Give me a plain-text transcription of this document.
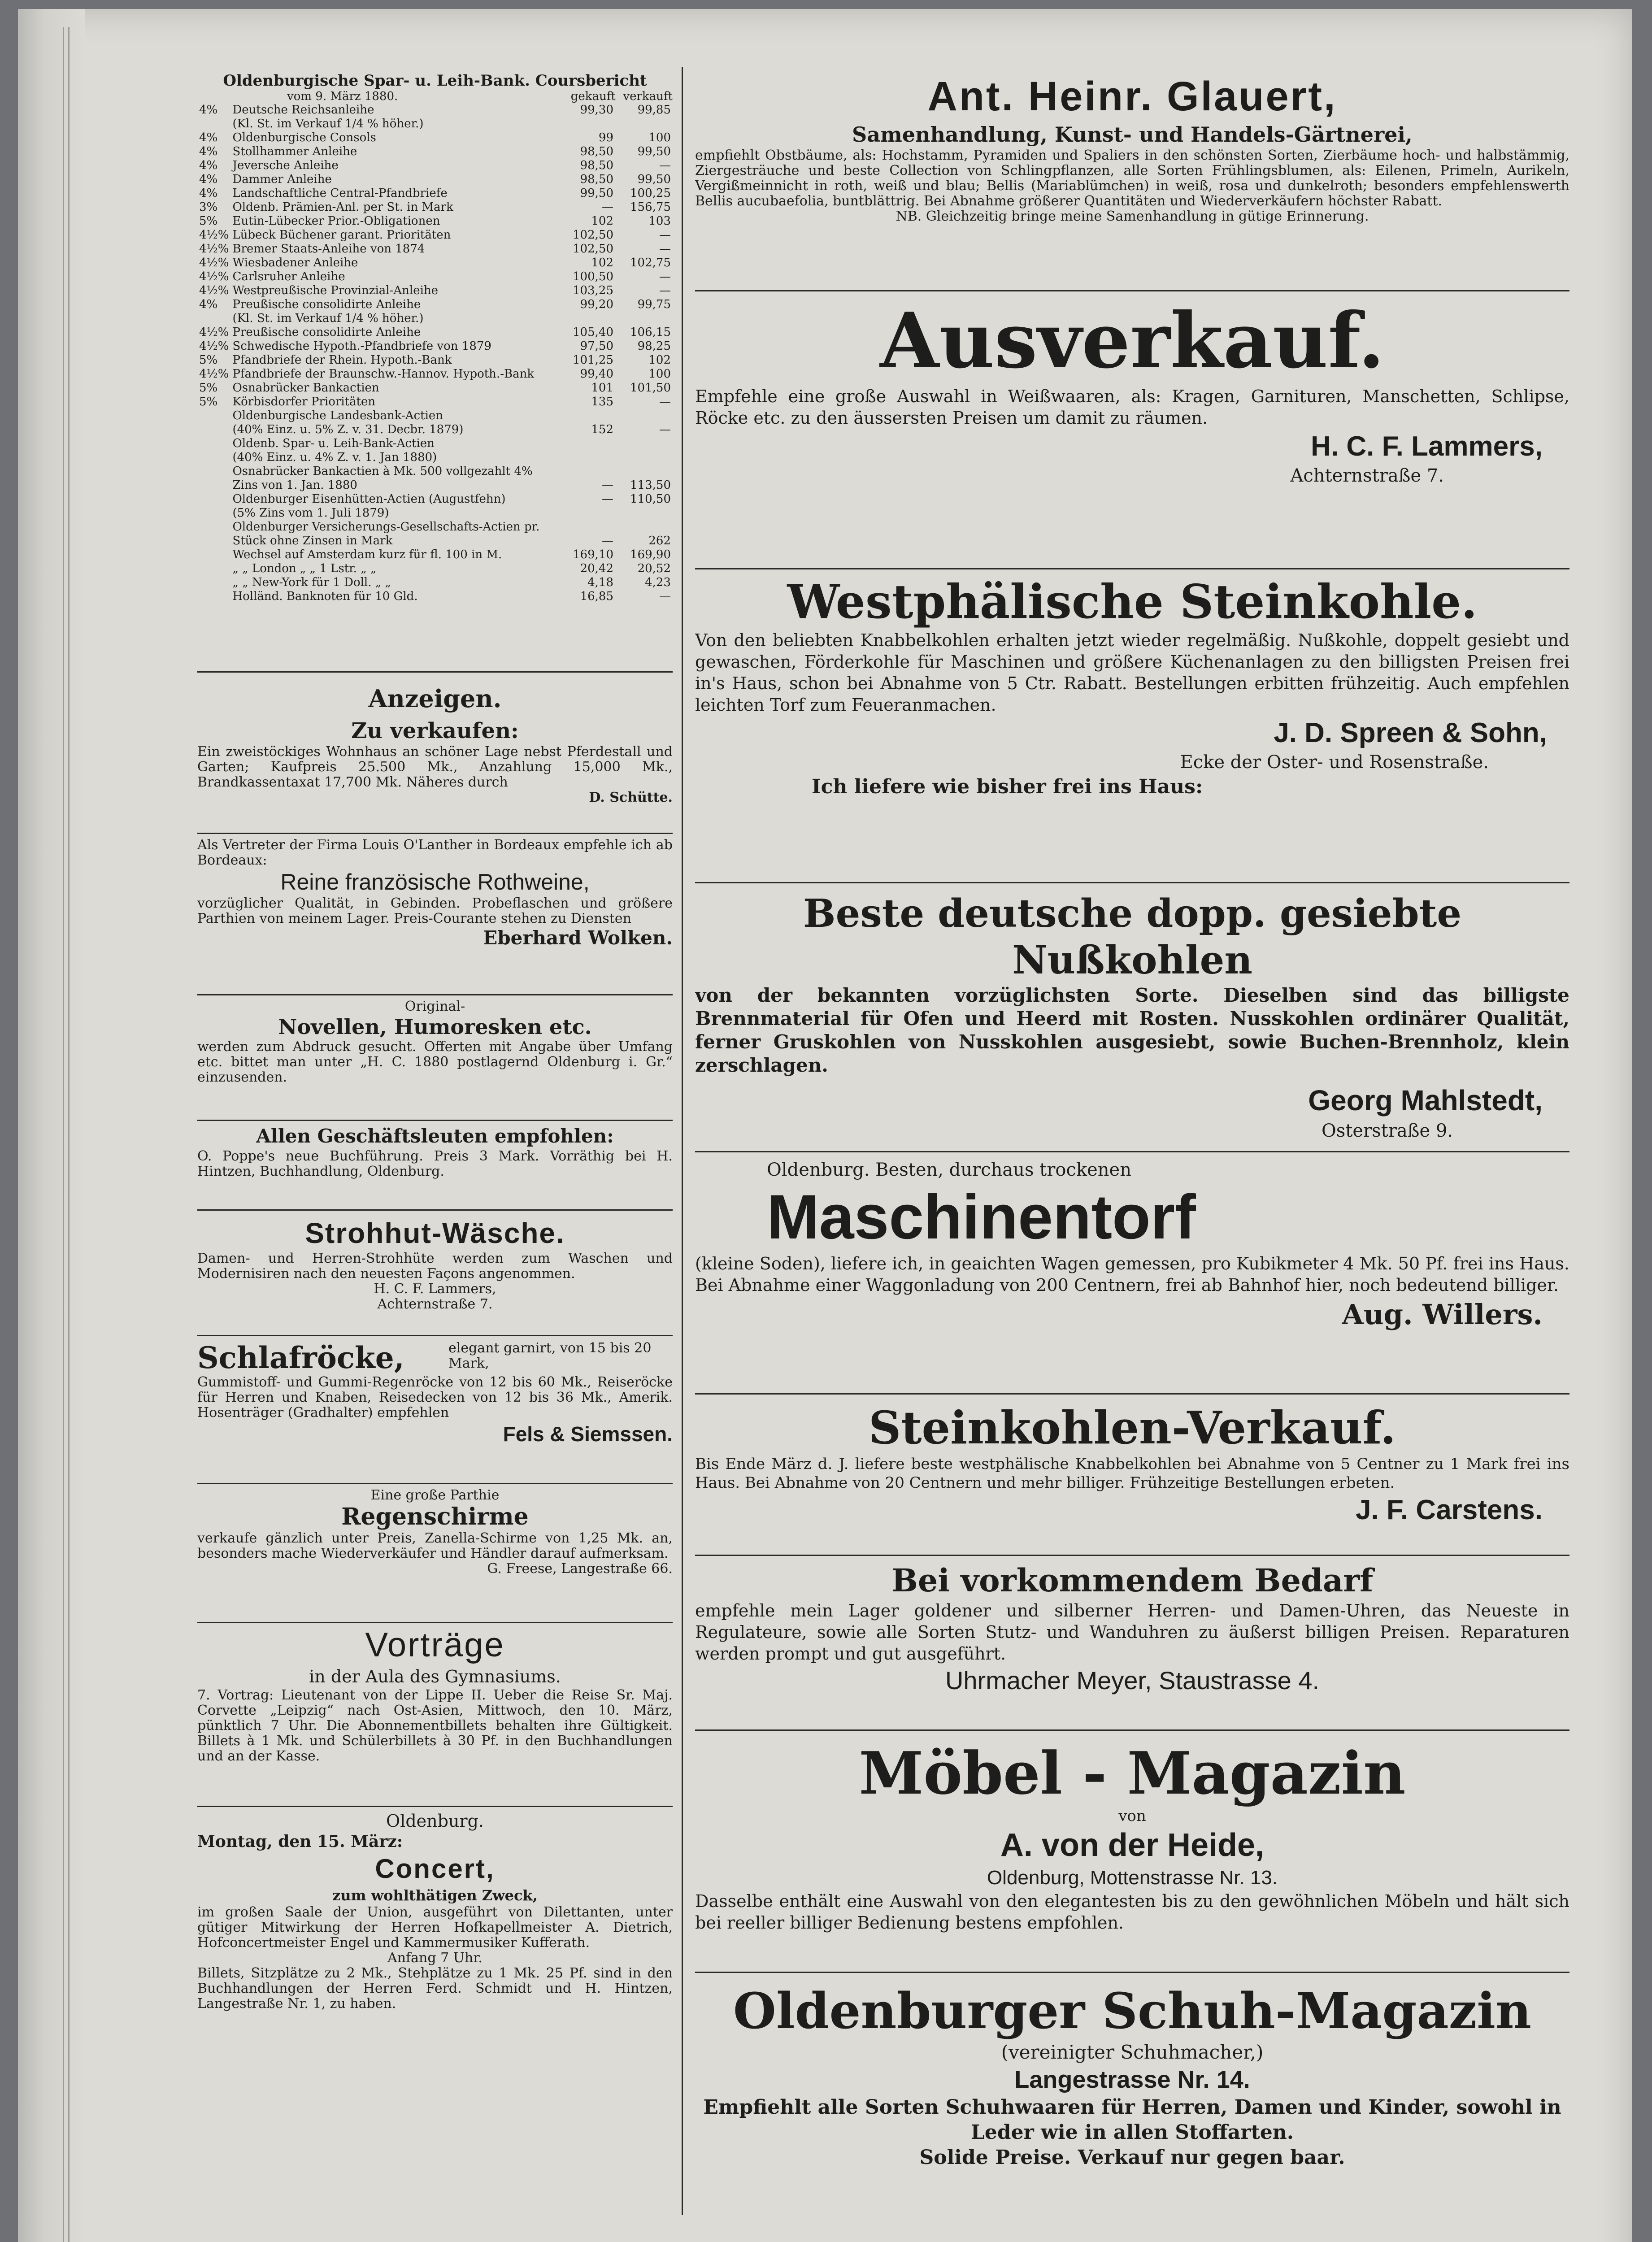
Oldenburgische Spar- u. Leih-Bank. Coursbericht

vom 9. März 1880.	gekauft verkauft
4%	Deutsche Reichsanleihe	99,30	99,85
	(Kl. St. im Verkauf 1/4 % höher.)		
4%	Oldenburgische Consols	99	100
4%	Stollhammer Anleihe	98,50	99,50
4%	Jeversche Anleihe	98,50	—
4%	Dammer Anleihe	98,50	99,50
4%	Landschaftliche Central-Pfandbriefe	99,50	100,25
3%	Oldenb. Prämien-Anl. per St. in Mark	—	156,75
5%	Eutin-Lübecker Prior.-Obligationen	102	103
4½%	Lübeck Büchener garant. Prioritäten	102,50	—
4½%	Bremer Staats-Anleihe von 1874	102,50	—
4½%	Wiesbadener Anleihe	102	102,75
4½%	Carlsruher Anleihe	100,50	—
4½%	Westpreußische Provinzial-Anleihe	103,25	—
4%	Preußische consolidirte Anleihe	99,20	99,75
	(Kl. St. im Verkauf 1/4 % höher.)		
4½%	Preußische consolidirte Anleihe	105,40	106,15
4½%	Schwedische Hypoth.-Pfandbriefe von 1879	97,50	98,25
5%	Pfandbriefe der Rhein. Hypoth.-Bank	101,25	102
4½%	Pfandbriefe der Braunschw.-Hannov. Hypoth.-Bank	99,40	100
5%	Osnabrücker Bankactien	101	101,50
5%	Körbisdorfer Prioritäten	135	—
	Oldenburgische Landesbank-Actien		
	(40% Einz. u. 5% Z. v. 31. Decbr. 1879)	152	—
	Oldenb. Spar- u. Leih-Bank-Actien		
	(40% Einz. u. 4% Z. v. 1. Jan 1880)		
	Osnabrücker Bankactien à Mk. 500 vollgezahlt 4%		
	Zins von 1. Jan. 1880	—	113,50
	Oldenburger Eisenhütten-Actien (Augustfehn)	—	110,50
	(5% Zins vom 1. Juli 1879)		
	Oldenburger Versicherungs-Gesellschafts-Actien pr.		
	Stück ohne Zinsen in Mark	—	262
	Wechsel auf Amsterdam kurz für fl. 100 in M.	169,10	169,90
	„ „ London „ „ 1 Lstr. „ „	20,42	20,52
	„ „ New-York für 1 Doll. „ „	4,18	4,23
	Holländ. Banknoten für 10 Gld.	16,85	—

Anzeigen.

Zu verkaufen:

Ein zweistöckiges Wohnhaus an schöner Lage nebst Pferdestall und Garten; Kaufpreis 25.500 Mk., Anzahlung 15,000 Mk., Brandkassentaxat 17,700 Mk. Näheres durch

D. Schütte.

Als Vertreter der Firma Louis O'Lanther in Bordeaux empfehle ich ab Bordeaux:

Reine französische Rothweine,

vorzüglicher Qualität, in Gebinden. Probeflaschen und größere Parthien von meinem Lager. Preis-Courante stehen zu Diensten

Eberhard Wolken.

Original-

Novellen, Humoresken etc.

werden zum Abdruck gesucht. Offerten mit Angabe über Umfang etc. bittet man unter „H. C. 1880 postlagernd Oldenburg i. Gr.“ einzusenden.

Allen Geschäftsleuten empfohlen:

O. Poppe's neue Buchführung. Preis 3 Mark. Vorräthig bei H. Hintzen, Buchhandlung, Oldenburg.

Strohhut-Wäsche.

Damen- und Herren-Strohhüte werden zum Waschen und Modernisiren nach den neuesten Façons angenommen.

H. C. F. Lammers,

Achternstraße 7.

Schlafröcke,	elegant garnirt, von 15 bis 20 Mark,

Gummistoff- und Gummi-Regenröcke von 12 bis 60 Mk., Reiseröcke für Herren und Knaben, Reisedecken von 12 bis 36 Mk., Amerik. Hosenträger (Gradhalter) empfehlen

Fels & Siemssen.

Eine große Parthie

Regenschirme

verkaufe gänzlich unter Preis, Zanella-Schirme von 1,25 Mk. an, besonders mache Wiederverkäufer und Händler darauf aufmerksam.

G. Freese, Langestraße 66.

Vorträge

in der Aula des Gymnasiums.

7. Vortrag: Lieutenant von der Lippe II. Ueber die Reise Sr. Maj. Corvette „Leipzig“ nach Ost-Asien, Mittwoch, den 10. März, pünktlich 7 Uhr. Die Abonnementbillets behalten ihre Gültigkeit. Billets à 1 Mk. und Schülerbillets à 30 Pf. in den Buchhandlungen und an der Kasse.

Oldenburg.

Montag, den 15. März:

Concert,

zum wohlthätigen Zweck,

im großen Saale der Union, ausgeführt von Dilettanten, unter gütiger Mitwirkung der Herren Hofkapellmeister A. Dietrich, Hofconcertmeister Engel und Kammermusiker Kufferath.

Anfang 7 Uhr.

Billets, Sitzplätze zu 2 Mk., Stehplätze zu 1 Mk. 25 Pf. sind in den Buchhandlungen der Herren Ferd. Schmidt und H. Hintzen, Langestraße Nr. 1, zu haben.

Ant. Heinr. Glauert,

Samenhandlung, Kunst- und Handels-Gärtnerei,

empfiehlt Obstbäume, als: Hochstamm, Pyramiden und Spaliers in den schönsten Sorten, Zierbäume hoch- und halbstämmig, Ziergesträuche und beste Collection von Schlingpflanzen, alle Sorten Frühlingsblumen, als: Eilenen, Primeln, Aurikeln, Vergißmeinnicht in roth, weiß und blau; Bellis (Mariablümchen) in weiß, rosa und dunkelroth; besonders empfehlenswerth Bellis aucubaefolia, buntblättrig. Bei Abnahme größerer Quantitäten und Wiederverkäufern höchster Rabatt.

NB. Gleichzeitig bringe meine Samenhandlung in gütige Erinnerung.

Ausverkauf.

Empfehle eine große Auswahl in Weißwaaren, als: Kragen, Garnituren, Manschetten, Schlipse, Röcke etc. zu den äussersten Preisen um damit zu räumen.

H. C. F. Lammers,

Achternstraße 7.

Westphälische Steinkohle.

Von den beliebten Knabbelkohlen erhalten jetzt wieder regelmäßig. Nußkohle, doppelt gesiebt und gewaschen, Förderkohle für Maschinen und größere Küchenanlagen zu den billigsten Preisen frei in's Haus, schon bei Abnahme von 5 Ctr. Rabatt. Bestellungen erbitten frühzeitig. Auch empfehlen leichten Torf zum Feueranmachen.

J. D. Spreen & Sohn,

Ecke der Oster- und Rosenstraße.

Ich liefere wie bisher frei ins Haus:

Beste deutsche dopp. gesiebte Nußkohlen

von der bekannten vorzüglichsten Sorte. Dieselben sind das billigste Brennmaterial für Ofen und Heerd mit Rosten. Nusskohlen ordinärer Qualität, ferner Gruskohlen von Nusskohlen ausgesiebt, sowie Buchen-Brennholz, klein zerschlagen.

Georg Mahlstedt,

Osterstraße 9.

Oldenburg. Besten, durchaus trockenen

Maschinentorf

(kleine Soden), liefere ich, in geaichten Wagen gemessen, pro Kubikmeter 4 Mk. 50 Pf. frei ins Haus. Bei Abnahme einer Waggonladung von 200 Centnern, frei ab Bahnhof hier, noch bedeutend billiger.

Aug. Willers.

Steinkohlen-Verkauf.

Bis Ende März d. J. liefere beste westphälische Knabbelkohlen bei Abnahme von 5 Centner zu 1 Mark frei ins Haus. Bei Abnahme von 20 Centnern und mehr billiger. Frühzeitige Bestellungen erbeten.

J. F. Carstens.

Bei vorkommendem Bedarf

empfehle mein Lager goldener und silberner Herren- und Damen-Uhren, das Neueste in Regulateure, sowie alle Sorten Stutz- und Wanduhren zu äußerst billigen Preisen. Reparaturen werden prompt und gut ausgeführt.

Uhrmacher Meyer, Staustrasse 4.

Möbel - Magazin

von

A. von der Heide,

Oldenburg, Mottenstrasse Nr. 13.

Dasselbe enthält eine Auswahl von den elegantesten bis zu den gewöhnlichen Möbeln und hält sich bei reeller billiger Bedienung bestens empfohlen.

Oldenburger Schuh-Magazin

(vereinigter Schuhmacher,)

Langestrasse Nr. 14.

Empfiehlt alle Sorten Schuhwaaren für Herren, Damen und Kinder, sowohl in Leder wie in allen Stoffarten.

Solide Preise. Verkauf nur gegen baar.
